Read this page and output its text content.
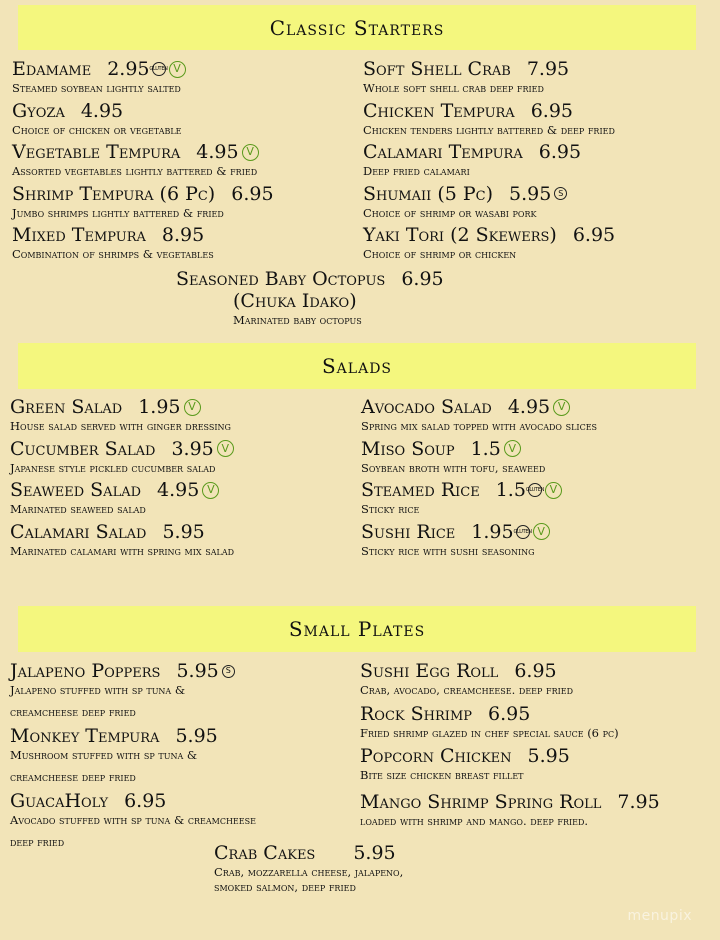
Classic Starters
Salads
Small Plates
Edamame 2.95 GLUTEN V
Steamed soybean lightly salted
Gyoza 4.95
Choice of chicken or vegetable
Vegetable Tempura 4.95 V
Assorted vegetables lightly battered & fried
Shrimp Tempura (6 Pc) 6.95
Jumbo shrimps lightly battered & fried
Mixed Tempura 8.95
Combination of shrimps & vegetables
Soft Shell Crab 7.95
Whole soft shell crab deep fried
Chicken Tempura 6.95
Chicken tenders lightly battered & deep fried
Calamari Tempura 6.95
Deep fried calamari
Shumaii (5 Pc) 5.95 S
Choice of shrimp or wasabi pork
Yaki Tori (2 Skewers) 6.95
Choice of shrimp or chicken
Seasoned Baby Octopus 6.95
(Chuka Idako)
Marinated baby octopus
Green Salad 1.95 V
House salad served with ginger dressing
Cucumber Salad 3.95 V
Japanese style pickled cucumber salad
Seaweed Salad 4.95 V
Marinated seaweed salad
Calamari Salad 5.95
Marinated calamari with spring mix salad
Avocado Salad 4.95 V
Spring mix salad topped with avocado slices
Miso Soup 1.5 V
Soybean broth with tofu, seaweed
Steamed Rice 1.5 GLUTEN V
Sticky rice
Sushi Rice 1.95 GLUTEN V
Sticky rice with sushi seasoning
Jalapeno Poppers 5.95 S
Jalapeno stuffed with sp tuna &
creamcheese deep fried
Monkey Tempura 5.95
Mushroom stuffed with sp tuna &
creamcheese deep fried
GuacaHoly 6.95
Avocado stuffed with sp tuna & creamcheese
deep fried
Sushi Egg Roll 6.95
Crab, avocado, creamcheese. deep fried
Rock Shrimp 6.95
Fried shrimp glazed in chef special sauce (6 pc)
Popcorn Chicken 5.95
Bite size chicken breast fillet
Mango Shrimp Spring Roll 7.95
loaded with shrimp and mango. deep fried.
Crab Cakes 5.95
Crab, mozzarella cheese, jalapeno,
smoked salmon, deep fried
menupix
